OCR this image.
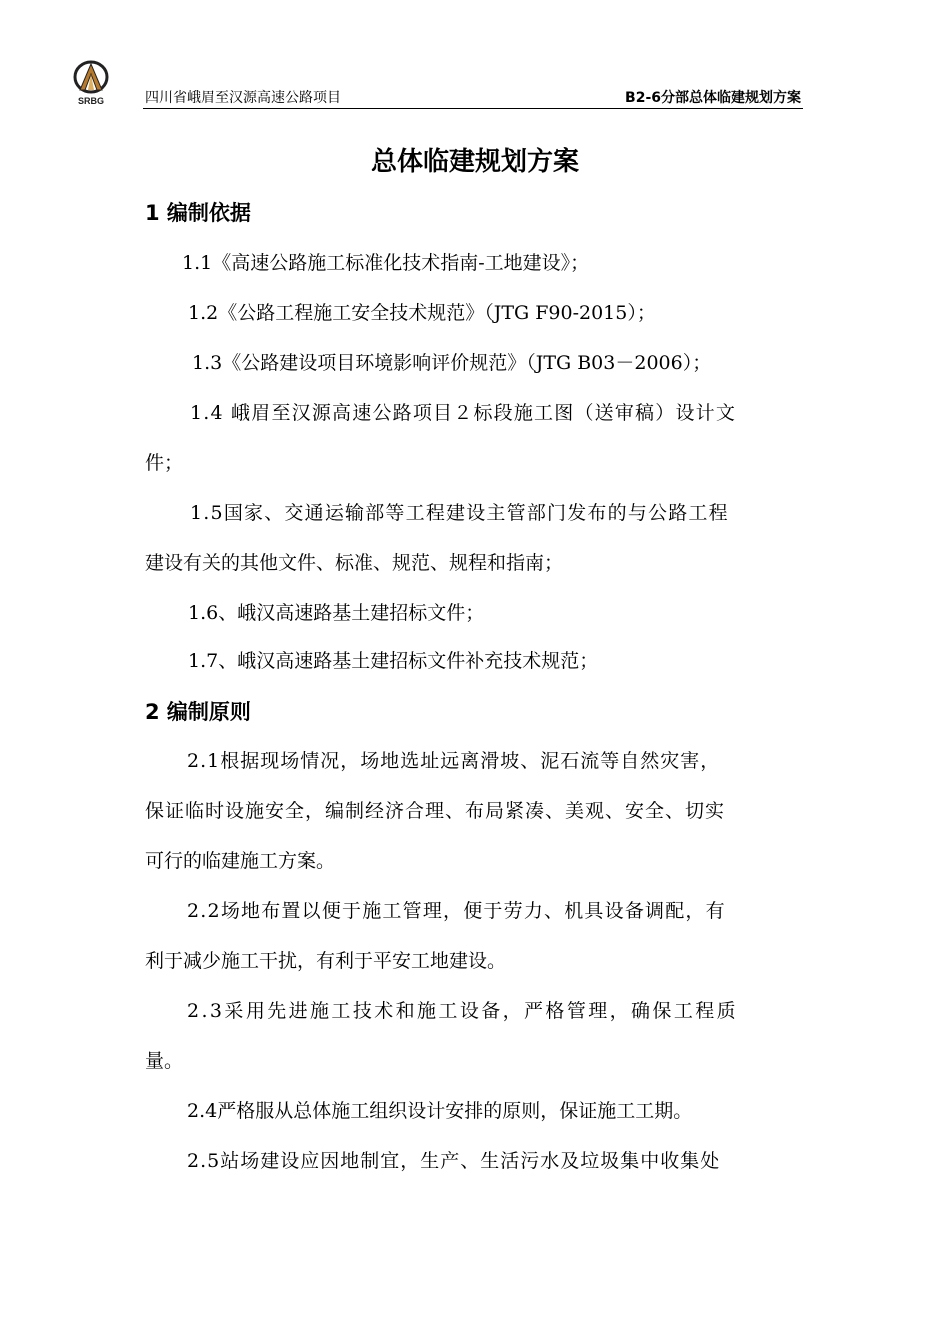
SRBG	四川省峨眉至汉源高速公路项目	B2-6分部总体临建规划方案
总体临建规划方案
1 编制依据
1.1《高速公路施工标准化技术指南-工地建设》；
1.2《公路工程施工安全技术规范》（JTG F90-2015）；
1.3《公路建设项目环境影响评价规范》（JTG B03－2006）；
1.4 峨眉至汉源高速公路项目２标段施工图（送审稿）设计文
件；
1.5国家、交通运输部等工程建设主管部门发布的与公路工程
建设有关的其他文件、标准、规范、规程和指南；
1.6、峨汉高速路基土建招标文件；
1.7、峨汉高速路基土建招标文件补充技术规范；
2 编制原则
2.1根据现场情况，场地选址远离滑坡、泥石流等自然灾害，
保证临时设施安全，编制经济合理、布局紧凑、美观、安全、切实
可行的临建施工方案。
2.2场地布置以便于施工管理，便于劳力、机具设备调配，有
利于减少施工干扰，有利于平安工地建设。
2.3采用先进施工技术和施工设备，严格管理，确保工程质
量。
2.4严格服从总体施工组织设计安排的原则，保证施工工期。
2.5站场建设应因地制宜，生产、生活污水及垃圾集中收集处
